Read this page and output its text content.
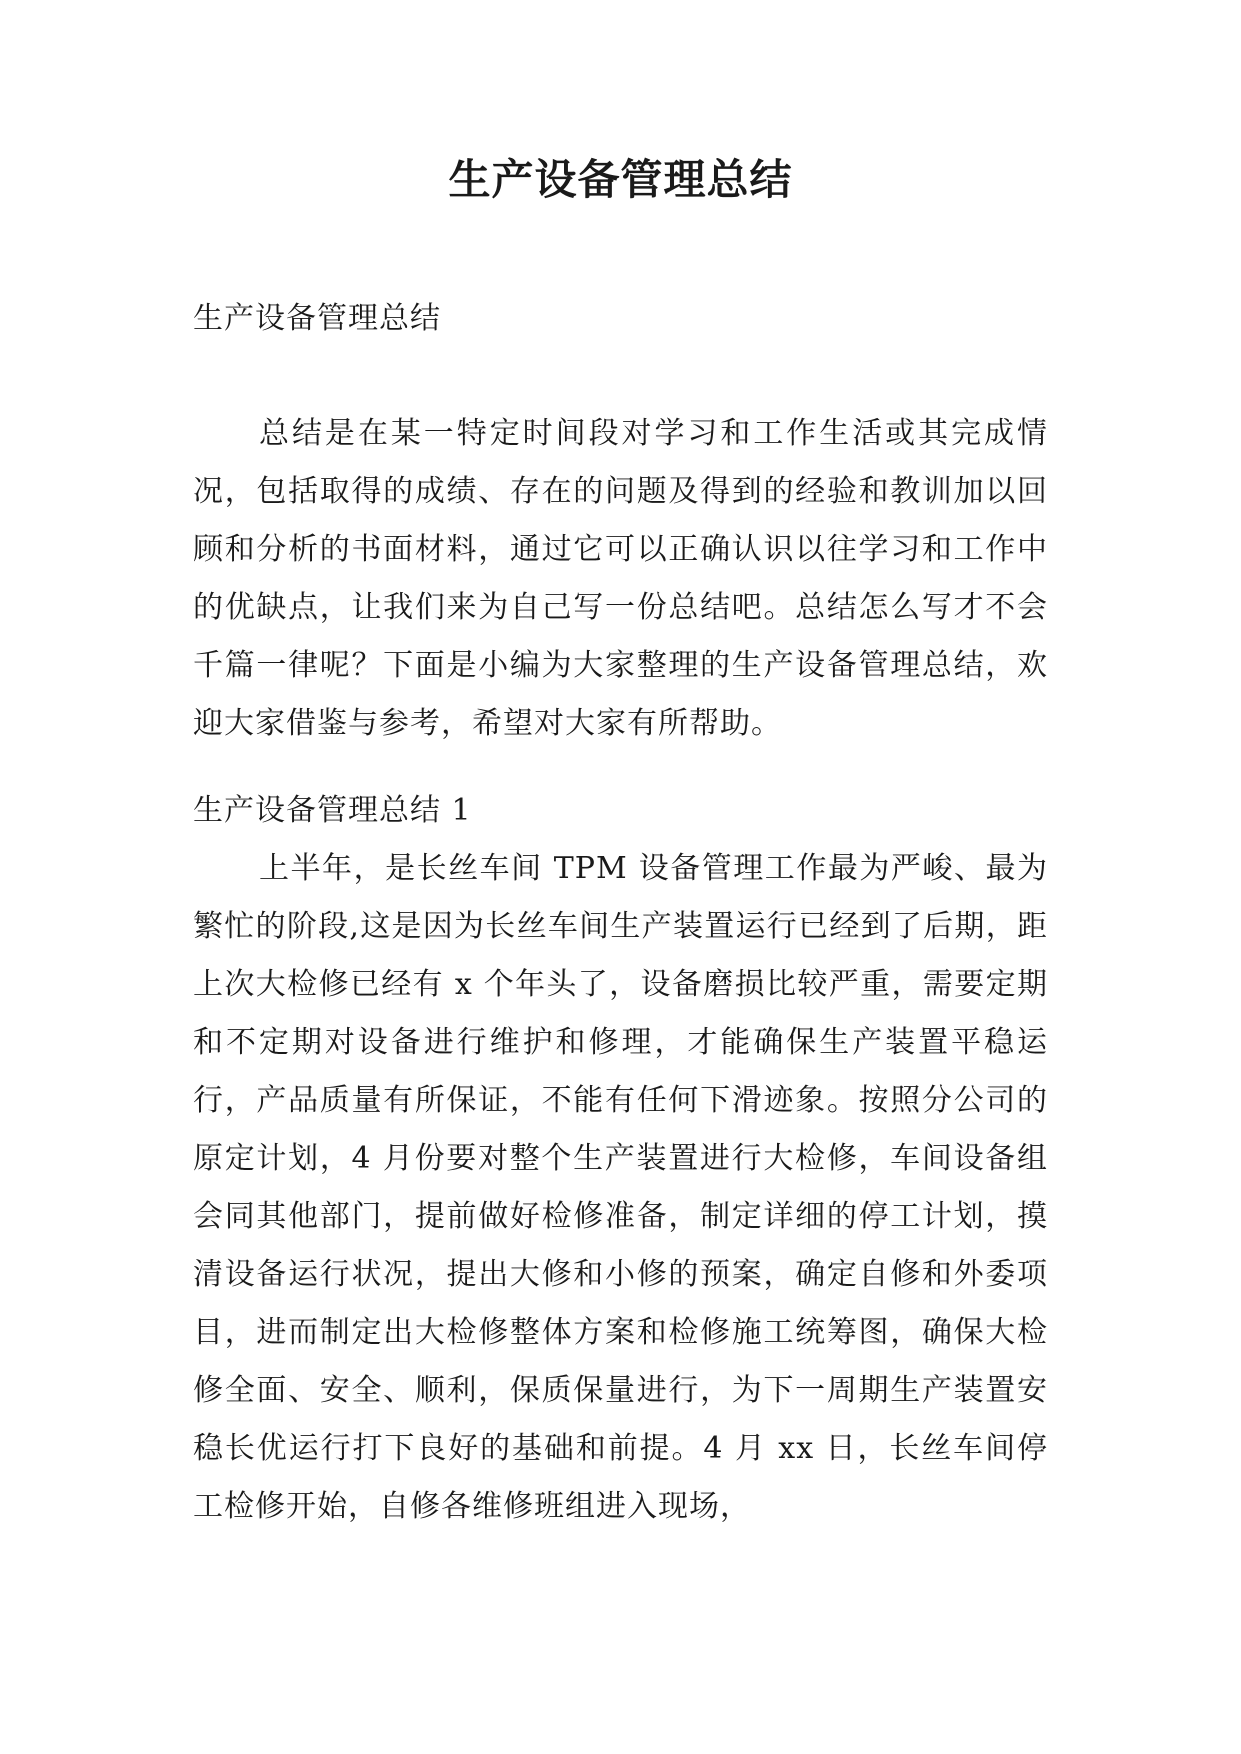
生产设备管理总结

生产设备管理总结

总结是在某一特定时间段对学习和工作生活或其完成情况，包括取得的成绩、存在的问题及得到的经验和教训加以回顾和分析的书面材料，通过它可以正确认识以往学习和工作中的优缺点，让我们来为自己写一份总结吧。总结怎么写才不会千篇一律呢？下面是小编为大家整理的生产设备管理总结，欢迎大家借鉴与参考，希望对大家有所帮助。

生产设备管理总结 1

上半年，是长丝车间 TPM 设备管理工作最为严峻、最为繁忙的阶段,这是因为长丝车间生产装置运行已经到了后期，距上次大检修已经有 x 个年头了，设备磨损比较严重，需要定期和不定期对设备进行维护和修理，才能确保生产装置平稳运行，产品质量有所保证，不能有任何下滑迹象。按照分公司的原定计划，4 月份要对整个生产装置进行大检修，车间设备组会同其他部门，提前做好检修准备，制定详细的停工计划，摸清设备运行状况，提出大修和小修的预案，确定自修和外委项目，进而制定出大检修整体方案和检修施工统筹图，确保大检修全面、安全、顺利，保质保量进行，为下一周期生产装置安稳长优运行打下良好的基础和前提。4 月 xx 日，长丝车间停工检修开始，自修各维修班组进入现场，
